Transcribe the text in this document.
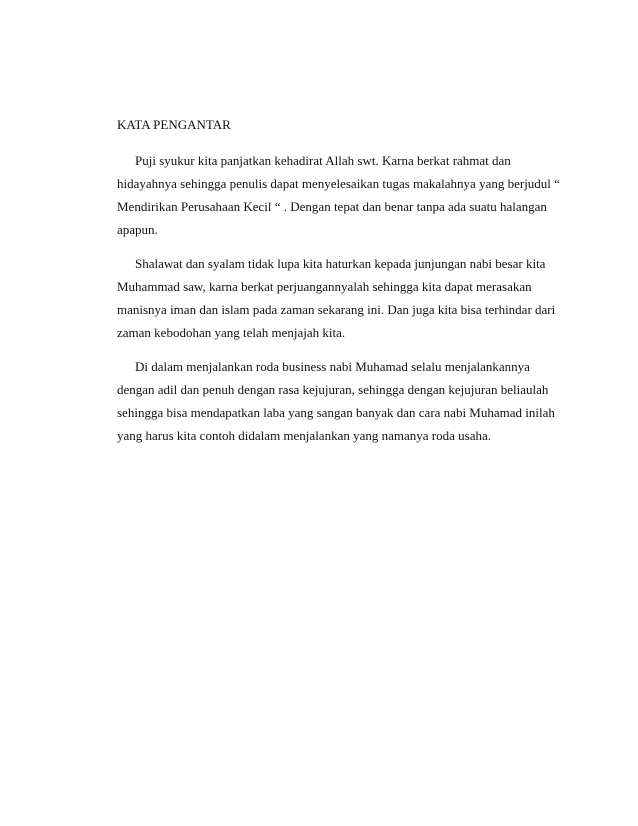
KATA PENGANTAR
Puji syukur kita panjatkan kehadirat Allah swt. Karna berkat rahmat dan
hidayahnya sehingga penulis dapat menyelesaikan tugas makalahnya yang berjudul “
Mendirikan Perusahaan Kecil “ . Dengan tepat dan benar tanpa ada suatu halangan
apapun.
Shalawat dan syalam tidak lupa kita haturkan kepada junjungan nabi besar kita
Muhammad saw, karna berkat perjuangannyalah sehingga kita dapat merasakan
manisnya iman dan islam pada zaman sekarang ini. Dan juga kita bisa terhindar dari
zaman kebodohan yang telah menjajah kita.
Di dalam menjalankan roda business nabi Muhamad selalu menjalankannya
dengan adil dan penuh dengan rasa kejujuran, sehingga dengan kejujuran beliaulah
sehingga bisa mendapatkan laba yang sangan banyak dan cara nabi Muhamad inilah
yang harus kita contoh didalam menjalankan yang namanya roda usaha.
